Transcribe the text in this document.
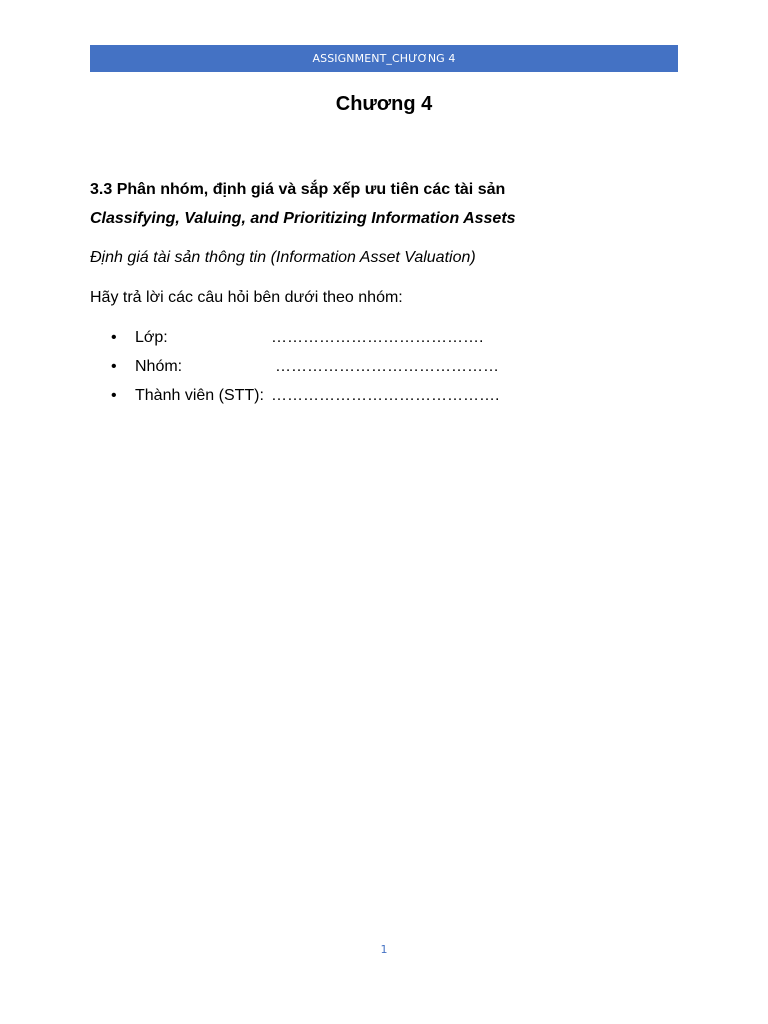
ASSIGNMENT_CHƯƠNG 4
Chương 4
3.3 Phân nhóm, định giá và sắp xếp ưu tiên các tài sản
Classifying, Valuing, and Prioritizing Information Assets
Định giá tài sản thông tin (Information Asset Valuation)
Hãy trả lời các câu hỏi bên dưới theo nhóm:
• Lớp:	………………………………….
• Nhóm:	……………………………………
• Thành viên (STT): …………………………………….
1
